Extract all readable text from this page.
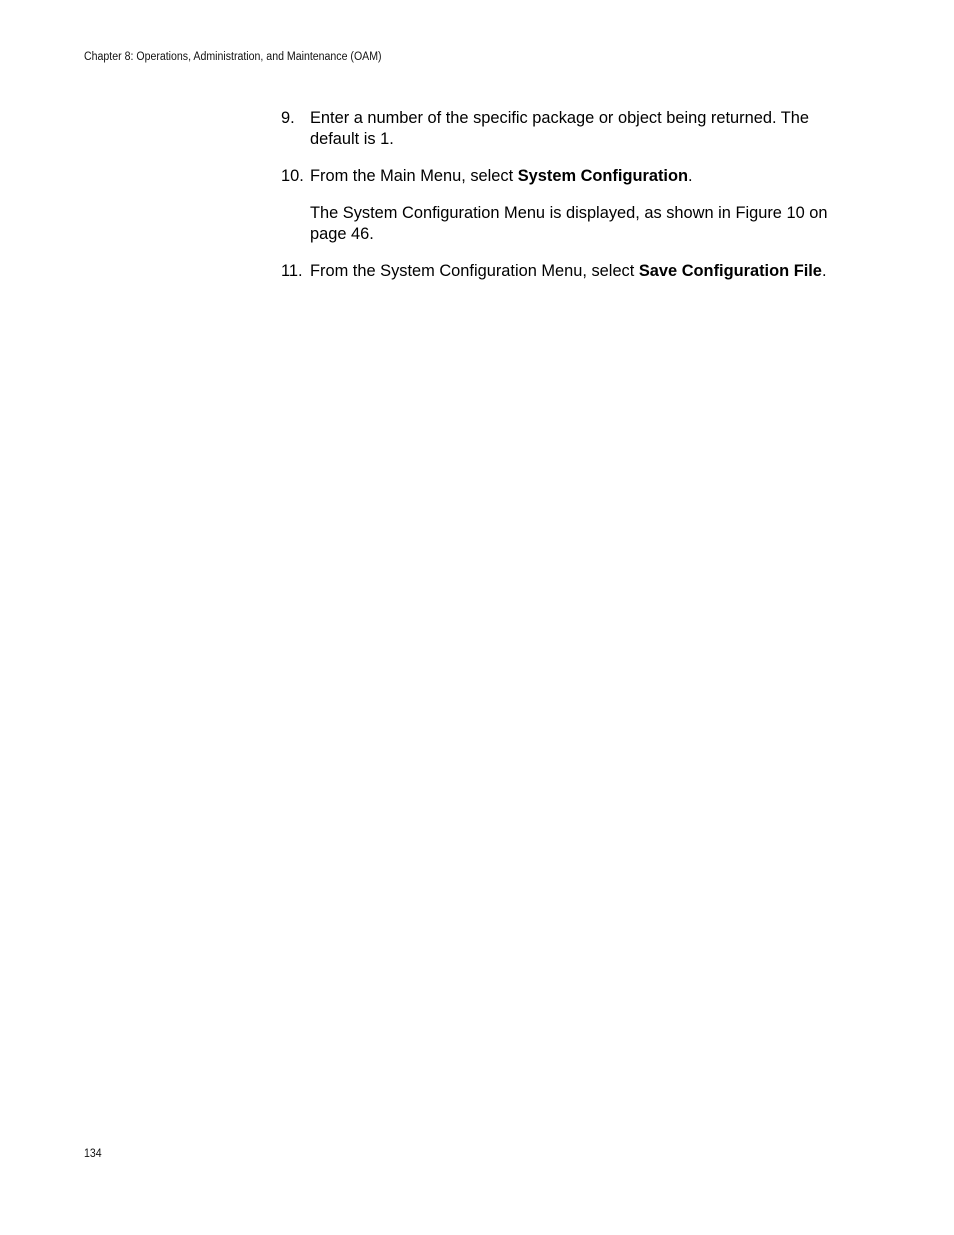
Chapter 8: Operations, Administration, and Maintenance (OAM)
9. Enter a number of the specific package or object being returned. The default is 1.
10. From the Main Menu, select System Configuration.
The System Configuration Menu is displayed, as shown in Figure 10 on page 46.
11. From the System Configuration Menu, select Save Configuration File.
134
